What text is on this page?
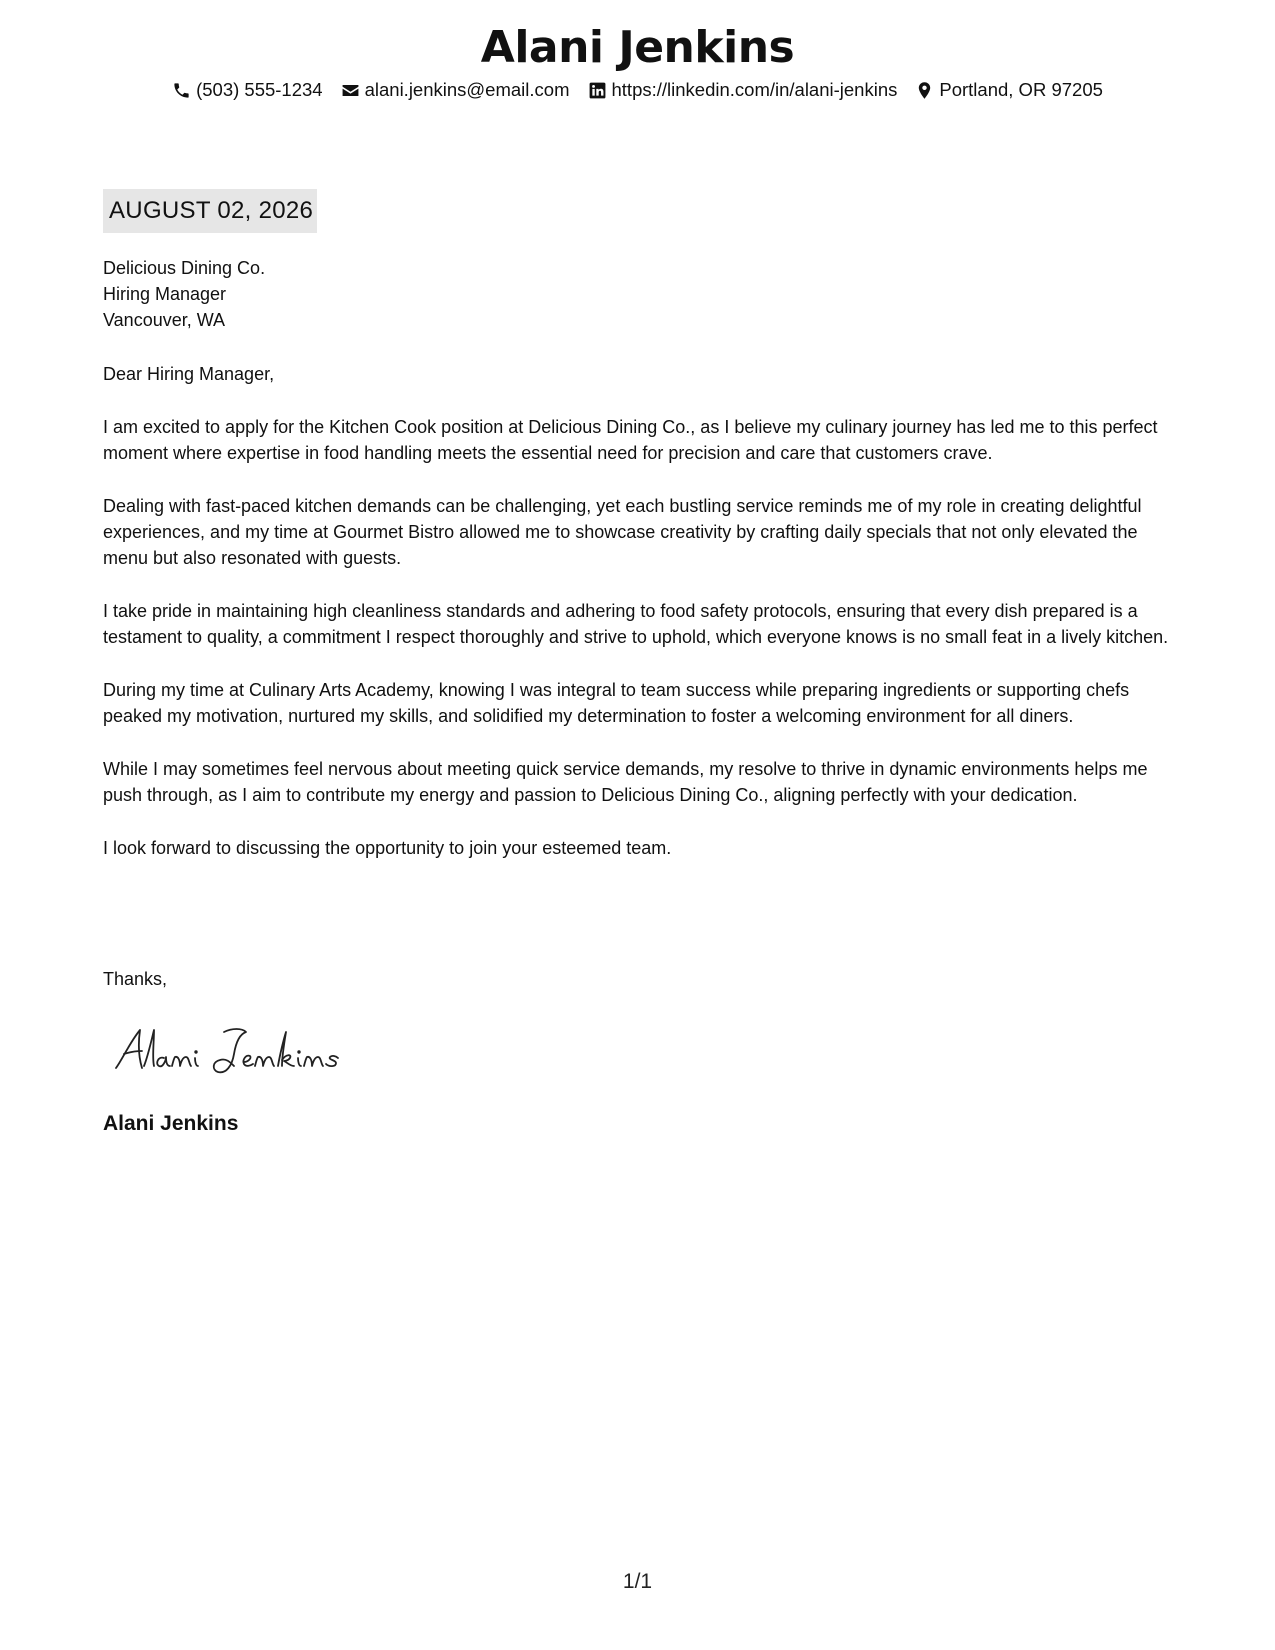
Alani Jenkins
(503) 555-1234 alani.jenkins@email.com https://linkedin.com/in/alani-jenkins Portland, OR 97205
AUGUST 02, 2026
Delicious Dining Co.
Hiring Manager
Vancouver, WA

Dear Hiring Manager,

I am excited to apply for the Kitchen Cook position at Delicious Dining Co., as I believe my culinary journey has led me to this perfect moment where expertise in food handling meets the essential need for precision and care that customers crave.

Dealing with fast-paced kitchen demands can be challenging, yet each bustling service reminds me of my role in creating delightful experiences, and my time at Gourmet Bistro allowed me to showcase creativity by crafting daily specials that not only elevated the menu but also resonated with guests.

I take pride in maintaining high cleanliness standards and adhering to food safety protocols, ensuring that every dish prepared is a testament to quality, a commitment I respect thoroughly and strive to uphold, which everyone knows is no small feat in a lively kitchen.

During my time at Culinary Arts Academy, knowing I was integral to team success while preparing ingredients or supporting chefs peaked my motivation, nurtured my skills, and solidified my determination to foster a welcoming environment for all diners.

While I may sometimes feel nervous about meeting quick service demands, my resolve to thrive in dynamic environments helps me push through, as I aim to contribute my energy and passion to Delicious Dining Co., aligning perfectly with your dedication.

I look forward to discussing the opportunity to join your esteemed team.

Thanks,
Alani Jenkins
1/1
